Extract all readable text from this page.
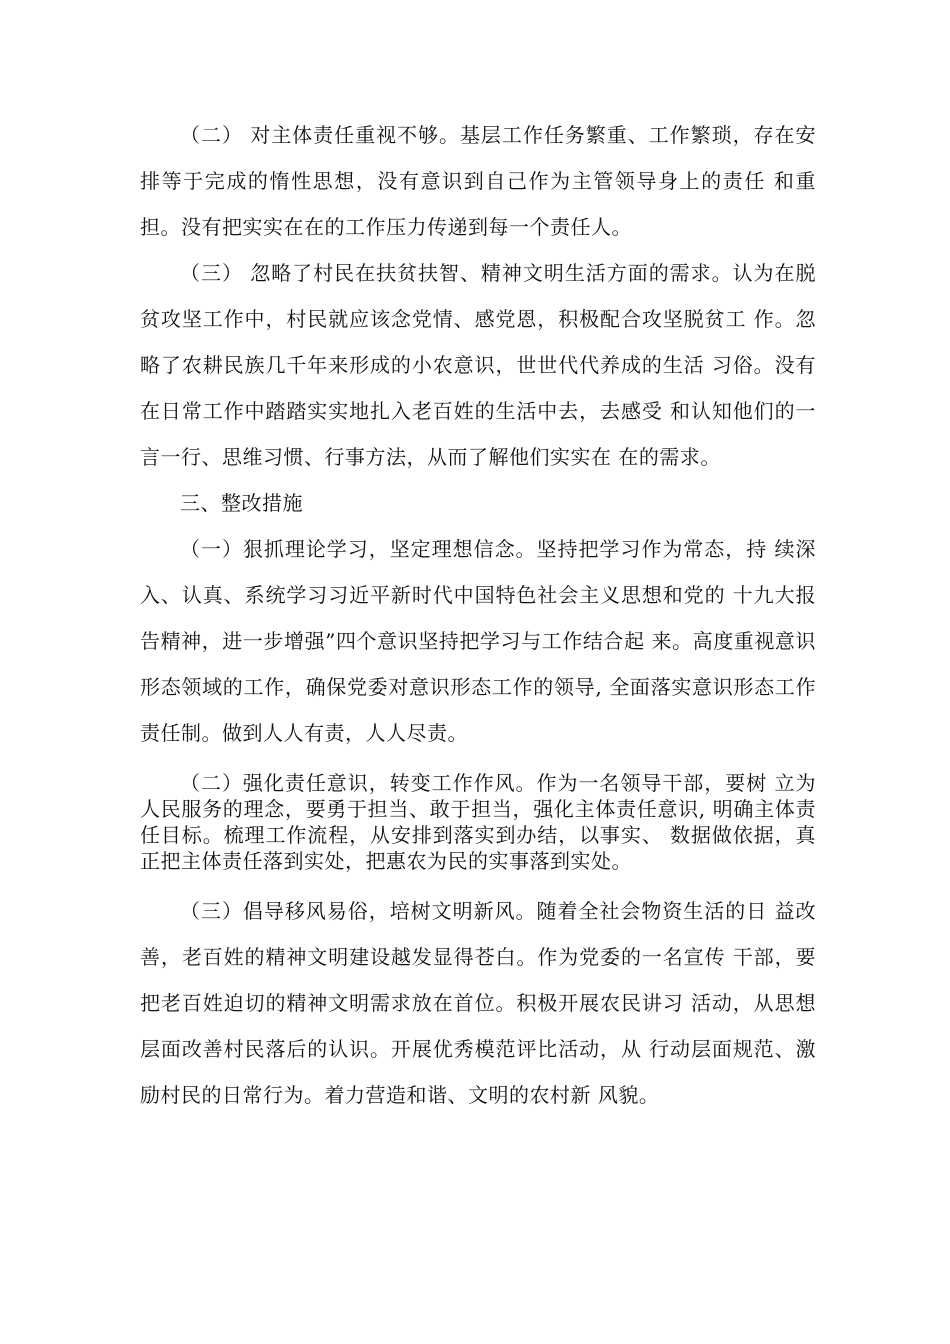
（二） 对主体责任重视不够。基层工作任务繁重、工作繁琐，存在安排等于完成的惰性思想，没有意识到自己作为主管领导身上的责任 和重担。没有把实实在在的工作压力传递到每一个责任人。

（三） 忽略了村民在扶贫扶智、精神文明生活方面的需求。认为在脱贫攻坚工作中，村民就应该念党情、感党恩，积极配合攻坚脱贫工 作。忽略了农耕民族几千年来形成的小农意识，世世代代养成的生活 习俗。没有在日常工作中踏踏实实地扎入老百姓的生活中去，去感受 和认知他们的一言一行、思维习惯、行事方法，从而了解他们实实在 在的需求。

三、整改措施

（一）狠抓理论学习，坚定理想信念。坚持把学习作为常态，持 续深入、认真、系统学习习近平新时代中国特色社会主义思想和党的 十九大报告精神，进一步增强”四个意识坚持把学习与工作结合起 来。高度重视意识形态领域的工作，确保党委对意识形态工作的领导, 全面落实意识形态工作责任制。做到人人有责，人人尽责。

（二）强化责任意识，转变工作作风。作为一名领导干部，要树 立为人民服务的理念，要勇于担当、敢于担当，强化主体责任意识, 明确主体责任目标。梳理工作流程，从安排到落实到办结，以事实、 数据做依据，真正把主体责任落到实处，把惠农为民的实事落到实处。

（三）倡导移风易俗，培树文明新风。随着全社会物资生活的日 益改善，老百姓的精神文明建设越发显得苍白。作为党委的一名宣传 干部，要把老百姓迫切的精神文明需求放在首位。积极开展农民讲习 活动，从思想层面改善村民落后的认识。开展优秀模范评比活动，从 行动层面规范、激励村民的日常行为。着力营造和谐、文明的农村新 风貌。
